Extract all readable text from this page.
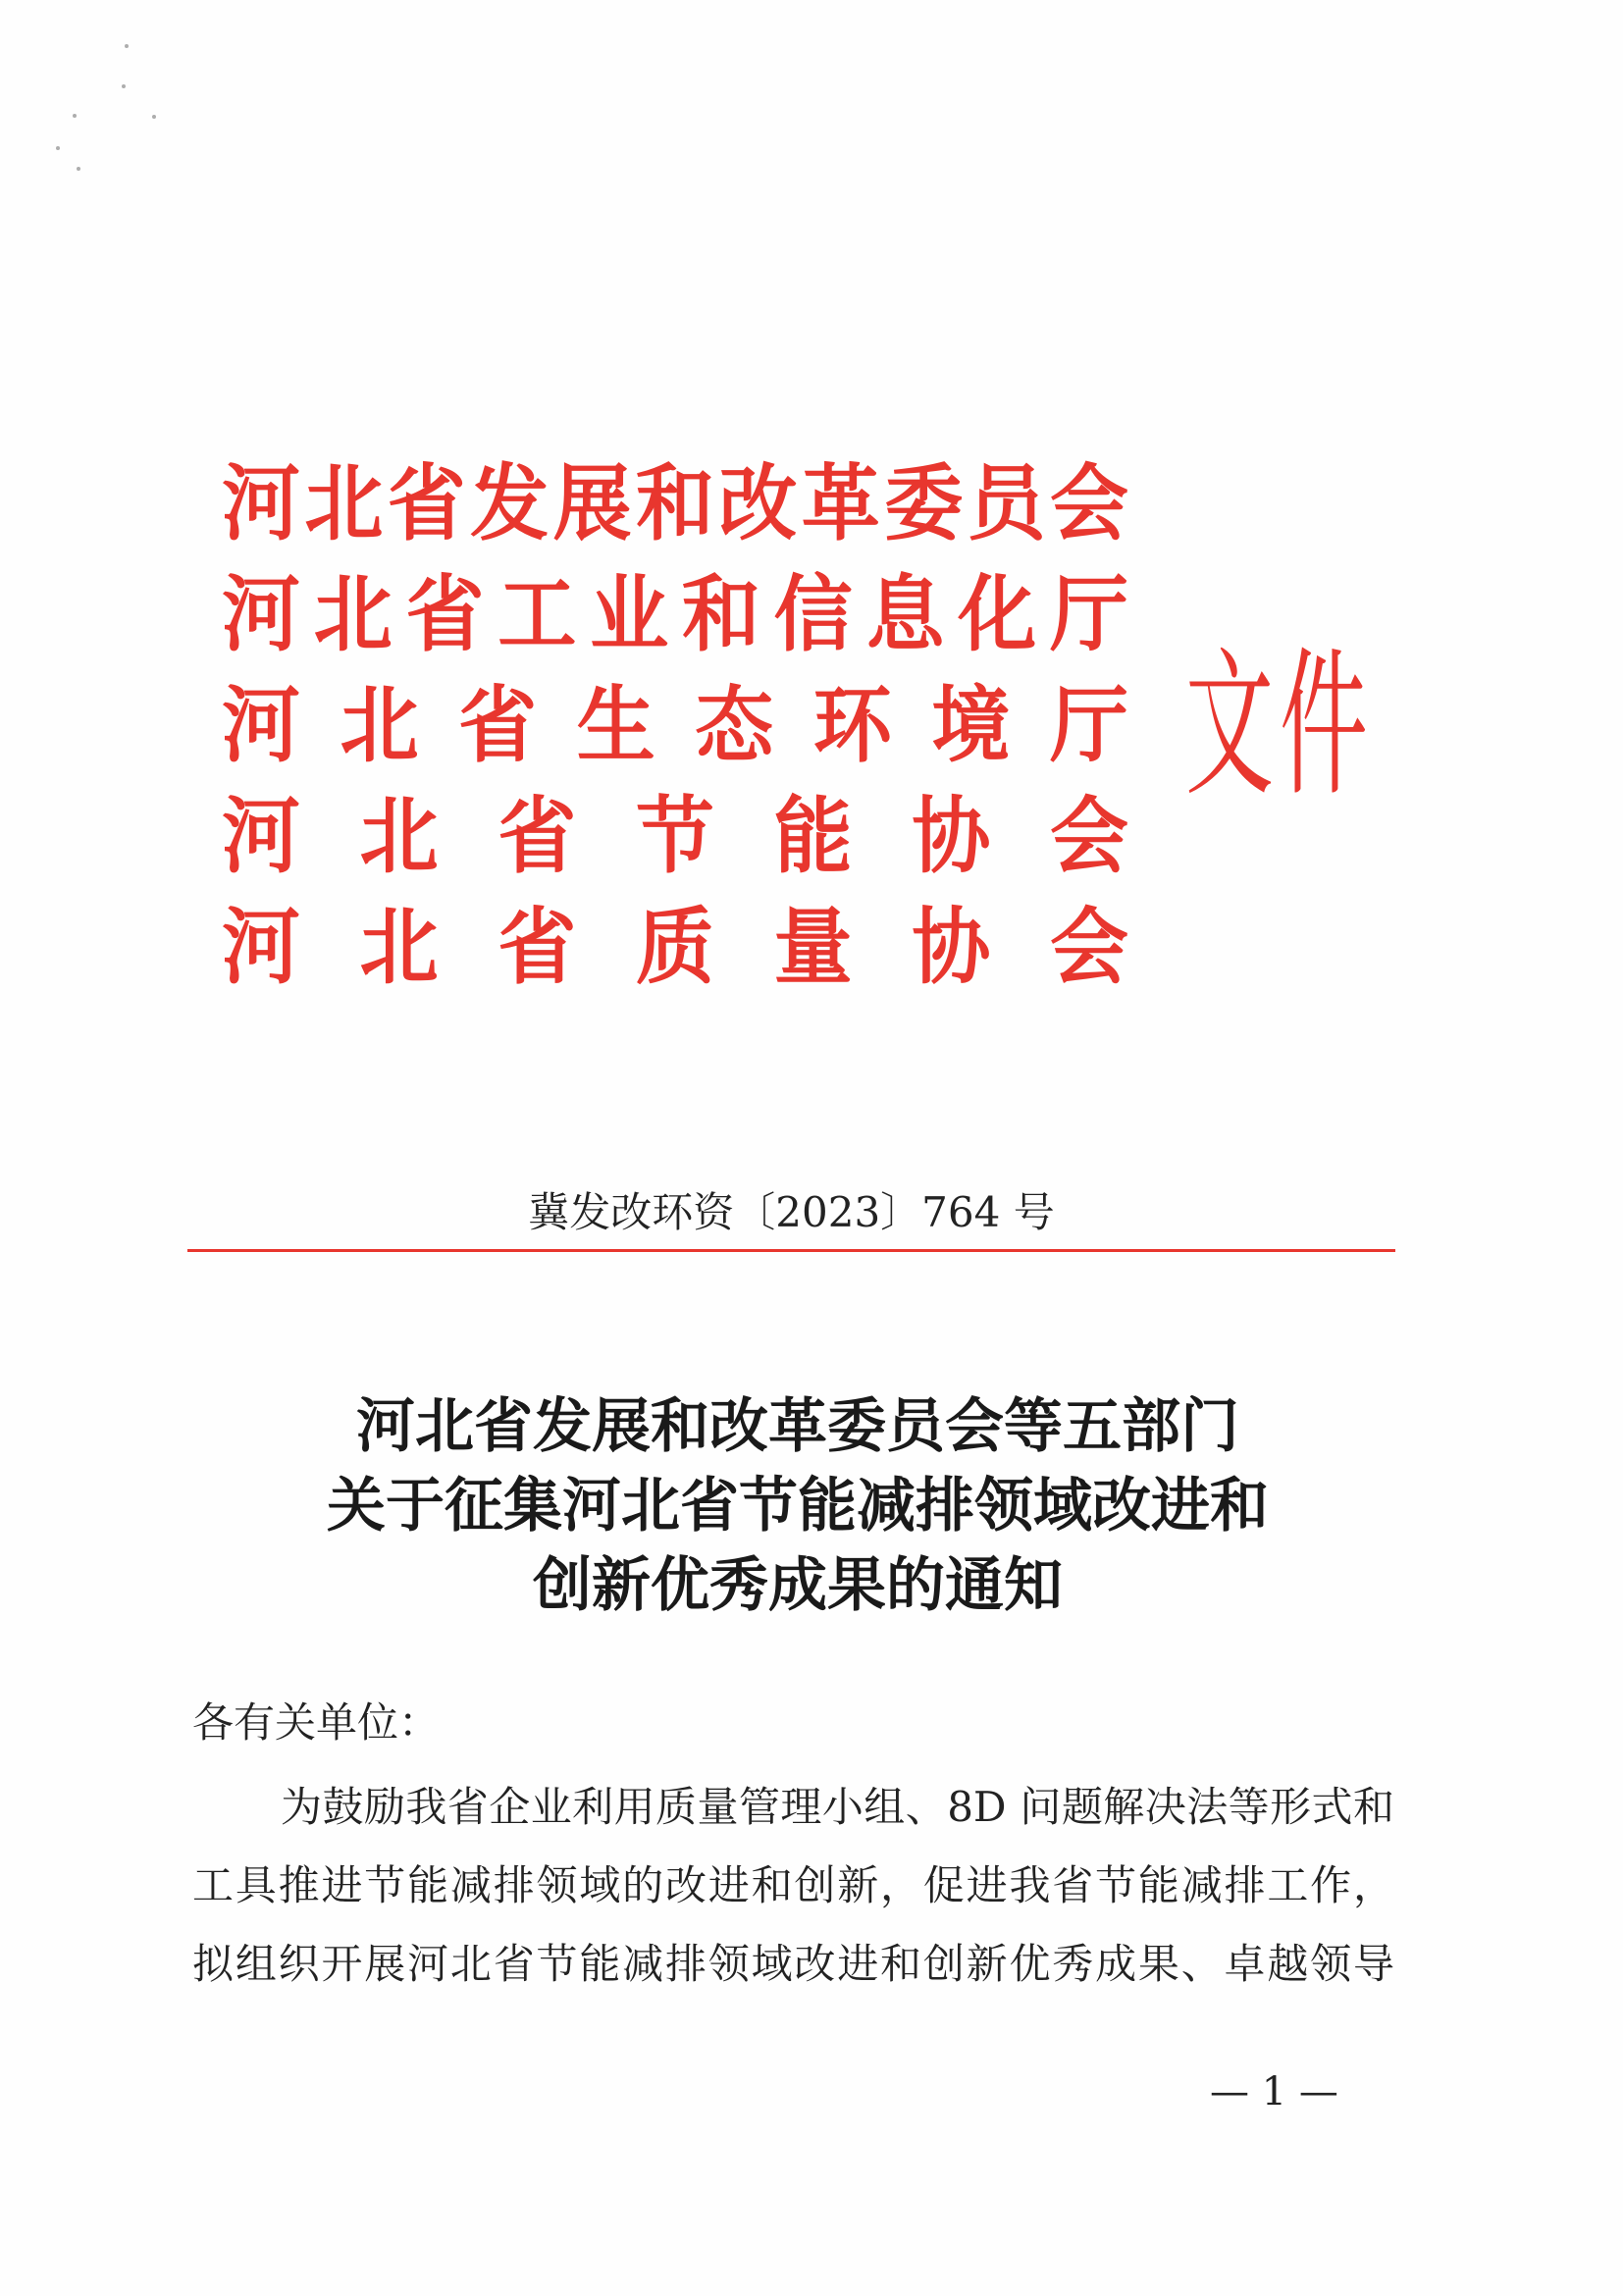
河北省发展和改革委员会
河北省工业和信息化厅
河北省生态环境厅
河北省节能协会
河北省质量协会
文件
冀发改环资〔2023〕764 号
河北省发展和改革委员会等五部门
关于征集河北省节能减排领域改进和
创新优秀成果的通知
各有关单位：
为鼓励我省企业利用质量管理小组、8D 问题解决法等形式和
工具推进节能减排领域的改进和创新，促进我省节能减排工作，
拟组织开展河北省节能减排领域改进和创新优秀成果、卓越领导
— 1 —
